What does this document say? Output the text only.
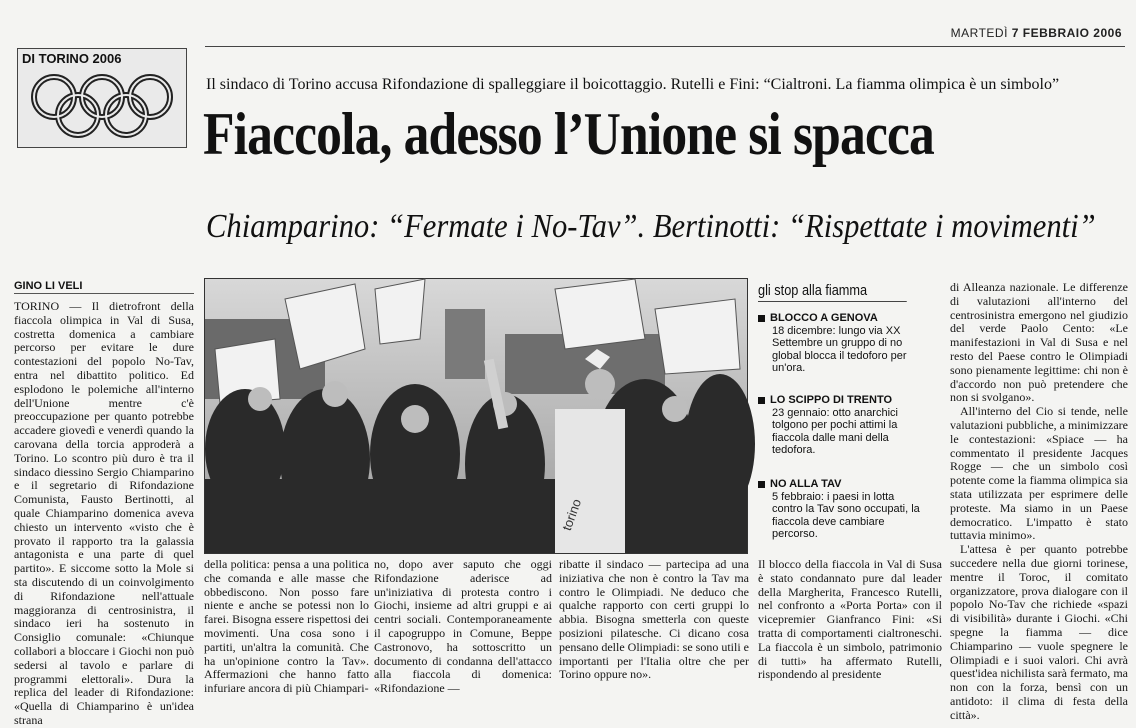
MARTEDÌ 7 FEBBRAIO 2006
DI TORINO 2006
Il sindaco di Torino accusa Rifondazione di spalleggiare il boicottaggio. Rutelli e Fini: “Cialtroni. La fiamma olimpica è un simbolo”
Fiaccola, adesso l’Unione si spacca
Chiamparino: “Fermate i No-Tav”. Bertinotti: “Rispettate i movimenti”
GINO LI VELI
TORINO — Il dietrofront della fiaccola olimpica in Val di Susa, costretta domenica a cambiare percorso per evitare le dure contestazioni del popolo No-Tav, entra nel dibattito politico. Ed esplodono le polemiche all'interno dell'Unione mentre c'è preoccupazione per quanto potrebbe accadere giovedì e venerdì quando la carovana della torcia approderà a Torino. Lo scontro più duro è tra il sindaco diessino Sergio Chiamparino e il segretario di Rifondazione Comunista, Fausto Bertinotti, al quale Chiamparino domenica aveva chiesto un intervento «visto che è provato il rapporto tra la galassia antagonista e una parte di quel partito». E siccome sotto la Mole si sta discutendo di un coinvolgimento di Rifondazione nell'attuale maggioranza di centrosinistra, il sindaco ieri ha sostenuto in Consiglio comunale: «Chiunque collabori a bloccare i Giochi non può sedersi al tavolo e parlare di programmi elettorali». Dura la replica del leader di Rifondazione: «Quella di Chiamparino è un'idea strana
torino
della politica: pensa a una politica che comanda e alle masse che obbediscono. Non posso fare niente e anche se potessi non lo farei. Bisogna essere rispettosi dei movimenti. Una cosa sono i partiti, un'altra la comunità. Che ha un'opinione contro la Tav». Affermazioni che hanno fatto infuriare ancora di più Chiampari-
no, dopo aver saputo che oggi Rifondazione aderisce ad un'iniziativa di protesta contro i Giochi, insieme ad altri gruppi e ai centri sociali. Contemporaneamente il capogruppo in Comune, Beppe Castronovo, ha sottoscritto un documento di condanna dell'attacco alla fiaccola di domenica: «Rifondazione —
ribatte il sindaco — partecipa ad una iniziativa che non è contro la Tav ma contro le Olimpiadi. Ne deduco che qualche rapporto con certi gruppi lo abbia. Bisogna smetterla con queste posizioni pilatesche. Ci dicano cosa pensano delle Olimpiadi: se sono utili e importanti per l'Italia oltre che per Torino oppure no».
gli stop alla fiamma
BLOCCO A GENOVA
18 dicembre: lungo via XX Settembre un gruppo di no global blocca il tedoforo per un'ora.
LO SCIPPO DI TRENTO
23 gennaio: otto anarchici tolgono per pochi attimi la fiaccola dalle mani della tedofora.
NO ALLA TAV
5 febbraio: i paesi in lotta contro la Tav sono occupati, la fiaccola deve cambiare percorso.
Il blocco della fiaccola in Val di Susa è stato condannato pure dal leader della Margherita, Francesco Rutelli, nel confronto a «Porta Porta» con il vicepremier Gianfranco Fini: «Si tratta di comportamenti cialtroneschi. La fiaccola è un simbolo, patrimonio di tutti» ha affermato Rutelli, rispondendo al presidente

di Alleanza nazionale. Le differenze di valutazioni all'interno del centrosinistra emergono nel giudizio del verde Paolo Cento: «Le manifestazioni in Val di Susa e nel resto del Paese contro le Olimpiadi sono pienamente legittime: chi non è d'accordo non può pretendere che non si svolgano».

All'interno del Cio si tende, nelle valutazioni pubbliche, a minimizzare le contestazioni: «Spiace — ha commentato il presidente Jacques Rogge — che un simbolo così potente come la fiamma olimpica sia stata utilizzata per esprimere delle proteste. Ma siamo in un Paese democratico. L'impatto è stato tuttavia minimo».

L'attesa è per quanto potrebbe succedere nella due giorni torinese, mentre il Toroc, il comitato organizzatore, prova dialogare con il popolo No-Tav che richiede «spazi di visibilità» durante i Giochi. «Chi spegne la fiamma — dice Chiamparino — vuole spegnere le Olimpiadi e i suoi valori. Chi avrà quest'idea nichilista sarà fermato, ma non con la forza, bensì con un antidoto: il clima di festa della città».
